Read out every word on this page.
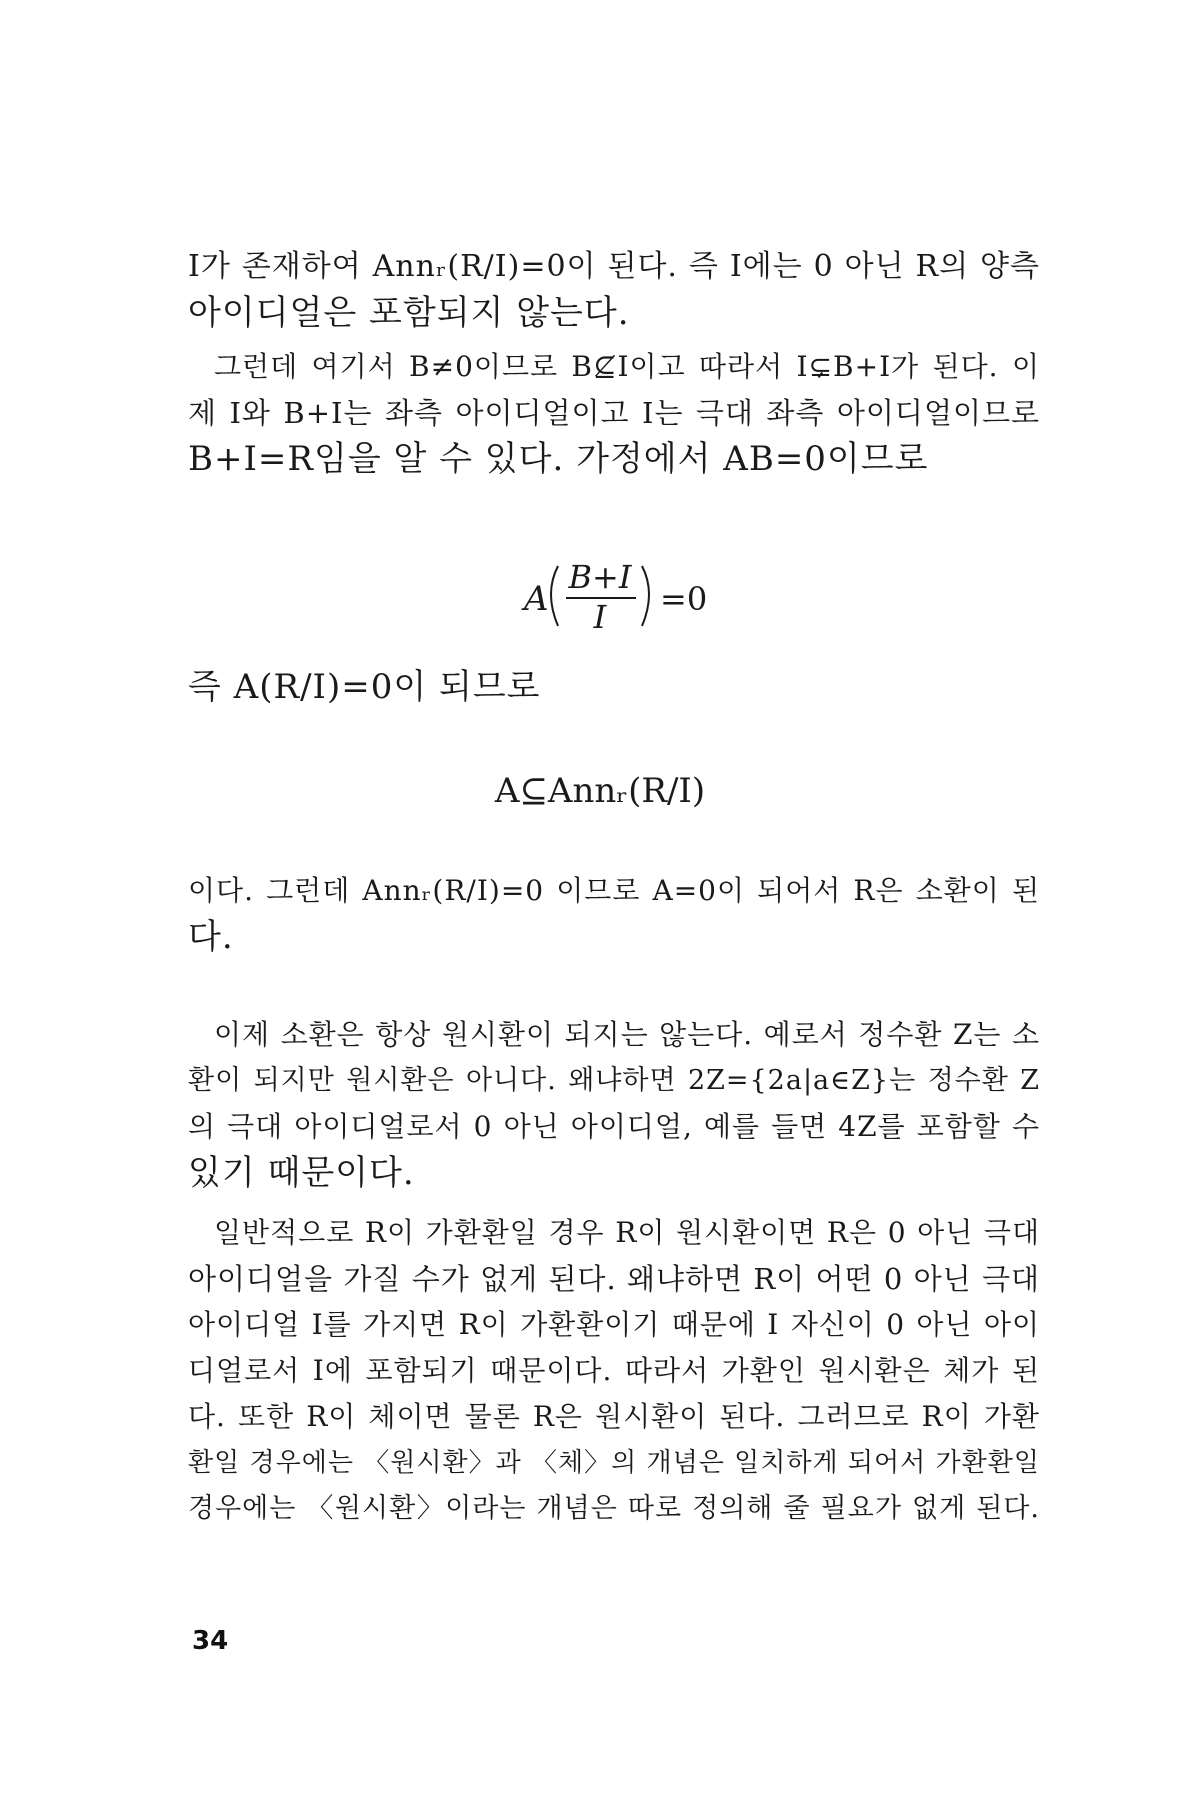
I가 존재하여 Annᵣ(R/I)=0이 된다. 즉 I에는 0 아닌 R의 양측
아이디얼은 포함되지 않는다.
그런데 여기서 B≠0이므로 B⊈I이고 따라서 I⊊B+I가 된다. 이
제 I와 B+I는 좌측 아이디얼이고 I는 극대 좌측 아이디얼이므로
B+I=R임을 알 수 있다. 가정에서 AB=0이므로
A
B+I
I =0
즉 A(R/I)=0이 되므로
A⊆Annᵣ(R/I)
이다. 그런데 Annᵣ(R/I)=0 이므로 A=0이 되어서 R은 소환이 된
다.
이제 소환은 항상 원시환이 되지는 않는다. 예로서 정수환 Z는 소
환이 되지만 원시환은 아니다. 왜냐하면 2Z={2a|a∈Z}는 정수환 Z
의 극대 아이디얼로서 0 아닌 아이디얼, 예를 들면 4Z를 포함할 수
있기 때문이다.
일반적으로 R이 가환환일 경우 R이 원시환이면 R은 0 아닌 극대
아이디얼을 가질 수가 없게 된다. 왜냐하면 R이 어떤 0 아닌 극대
아이디얼 I를 가지면 R이 가환환이기 때문에 I 자신이 0 아닌 아이
디얼로서 I에 포함되기 때문이다. 따라서 가환인 원시환은 체가 된
다. 또한 R이 체이면 물론 R은 원시환이 된다. 그러므로 R이 가환
환일 경우에는 〈원시환〉과 〈체〉의 개념은 일치하게 되어서 가환환일
경우에는 〈원시환〉이라는 개념은 따로 정의해 줄 필요가 없게 된다.
34
